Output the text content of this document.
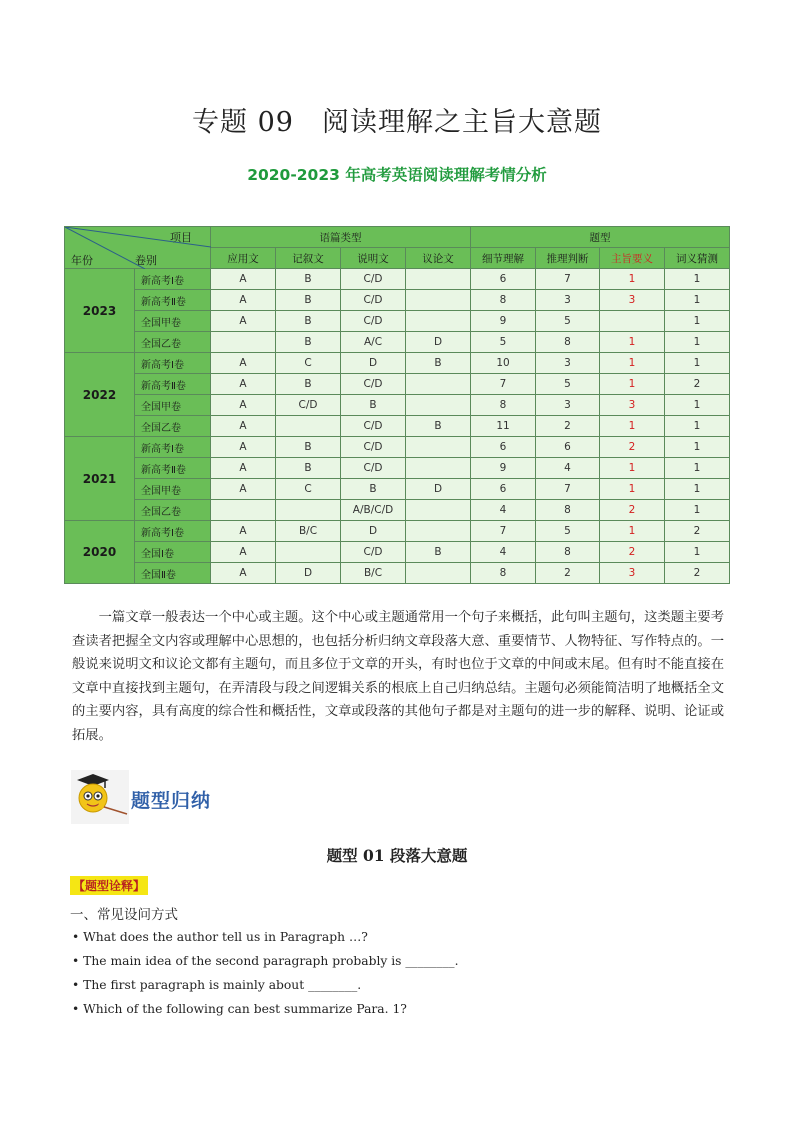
专题 09　阅读理解之主旨大意题
2020-2023 年高考英语阅读理解考情分析
项目
卷别
年份		语篇类型				题型			
		应用文	记叙文	说明文	议论文	细节理解	推理判断	主旨要义	词义猜测
2023	新高考Ⅰ卷	A	B	C/D		6	7	1	1
	新高考Ⅱ卷	A	B	C/D		8	3	3	1
	全国甲卷	A	B	C/D		9	5		1
	全国乙卷		B	A/C	D	5	8	1	1
2022	新高考Ⅰ卷	A	C	D	B	10	3	1	1
	新高考Ⅱ卷	A	B	C/D		7	5	1	2
	全国甲卷	A	C/D	B		8	3	3	1
	全国乙卷	A		C/D	B	11	2	1	1
2021	新高考Ⅰ卷	A	B	C/D		6	6	2	1
	新高考Ⅱ卷	A	B	C/D		9	4	1	1
	全国甲卷	A	C	B	D	6	7	1	1
	全国乙卷			A/B/C/D		4	8	2	1
2020	新高考Ⅰ卷	A	B/C	D		7	5	1	2
	全国Ⅰ卷	A		C/D	B	4	8	2	1
	全国Ⅱ卷	A	D	B/C		8	2	3	2
一篇文章一般表达一个中心或主题。这个中心或主题通常用一个句子来概括，此句叫主题句，这类题主要考查读者把握全文内容或理解中心思想的，也包括分析归纳文章段落大意、重要情节、人物特征、写作特点的。一般说来说明文和议论文都有主题句，而且多位于文章的开头，有时也位于文章的中间或末尾。但有时不能直接在文章中直接找到主题句，在弄清段与段之间逻辑关系的根底上自己归纳总结。主题句必须能简洁明了地概括全文的主要内容，具有高度的综合性和概括性，文章或段落的其他句子都是对主题句的进一步的解释、说明、论证或拓展。
题型归纳
题型 01 段落大意题
【题型诠释】
一、常见设问方式
• What does the author tell us in Paragraph …?
• The main idea of the second paragraph probably is ________.
• The first paragraph is mainly about ________.
• Which of the following can best summarize Para. 1?
